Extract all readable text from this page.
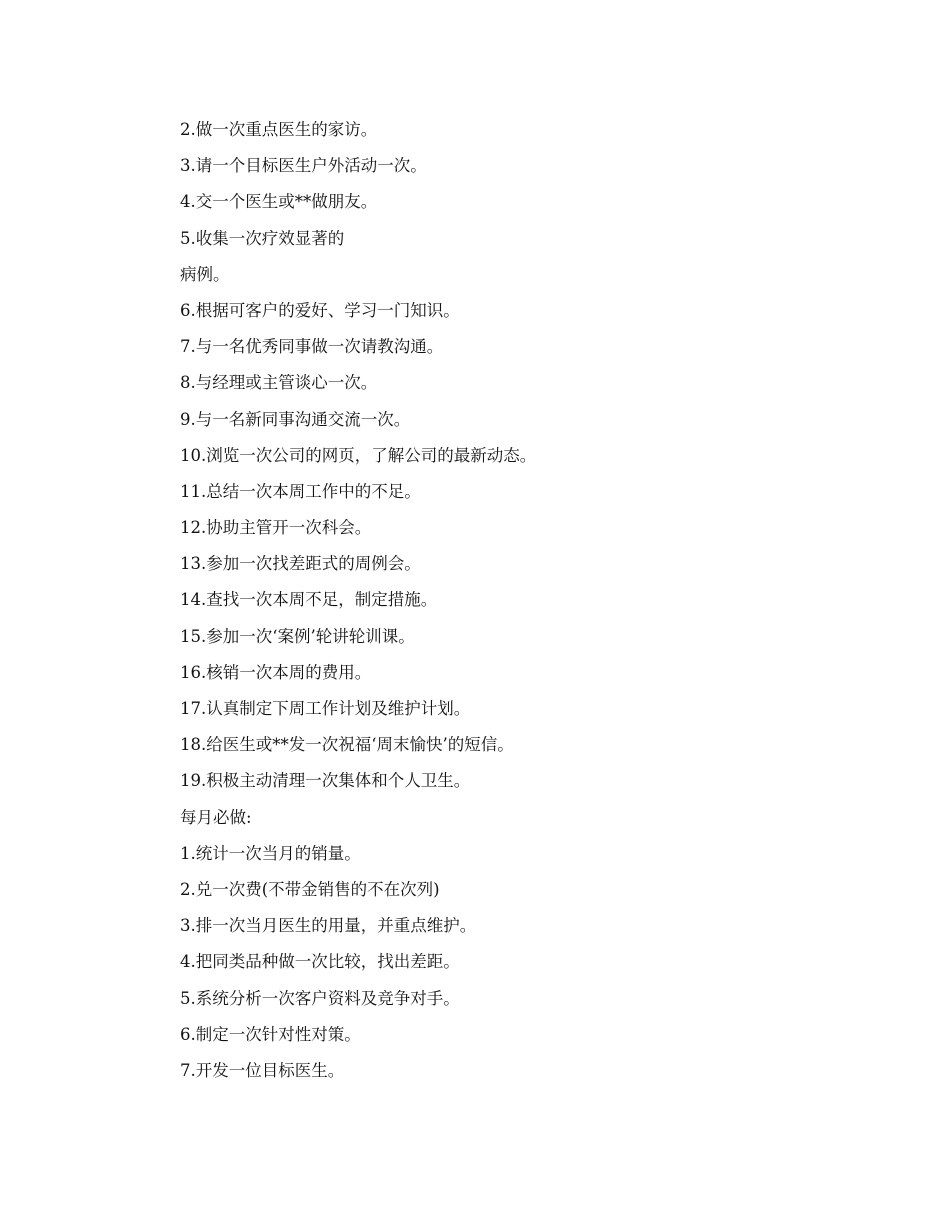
2.做一次重点医生的家访。
3.请一个目标医生户外活动一次。
4.交一个医生或**做朋友。
5.收集一次疗效显著的
病例。
6.根据可客户的爱好、学习一门知识。
7.与一名优秀同事做一次请教沟通。
8.与经理或主管谈心一次。
9.与一名新同事沟通交流一次。
10.浏览一次公司的网页，了解公司的最新动态。
11.总结一次本周工作中的不足。
12.协助主管开一次科会。
13.参加一次找差距式的周例会。
14.查找一次本周不足，制定措施。
15.参加一次‘案例’轮讲轮训课。
16.核销一次本周的费用。
17.认真制定下周工作计划及维护计划。
18.给医生或**发一次祝福‘周末愉快’的短信。
19.积极主动清理一次集体和个人卫生。
每月必做:
1.统计一次当月的销量。
2.兑一次费(不带金销售的不在次列)
3.排一次当月医生的用量，并重点维护。
4.把同类品种做一次比较，找出差距。
5.系统分析一次客户资料及竞争对手。
6.制定一次针对性对策。
7.开发一位目标医生。
